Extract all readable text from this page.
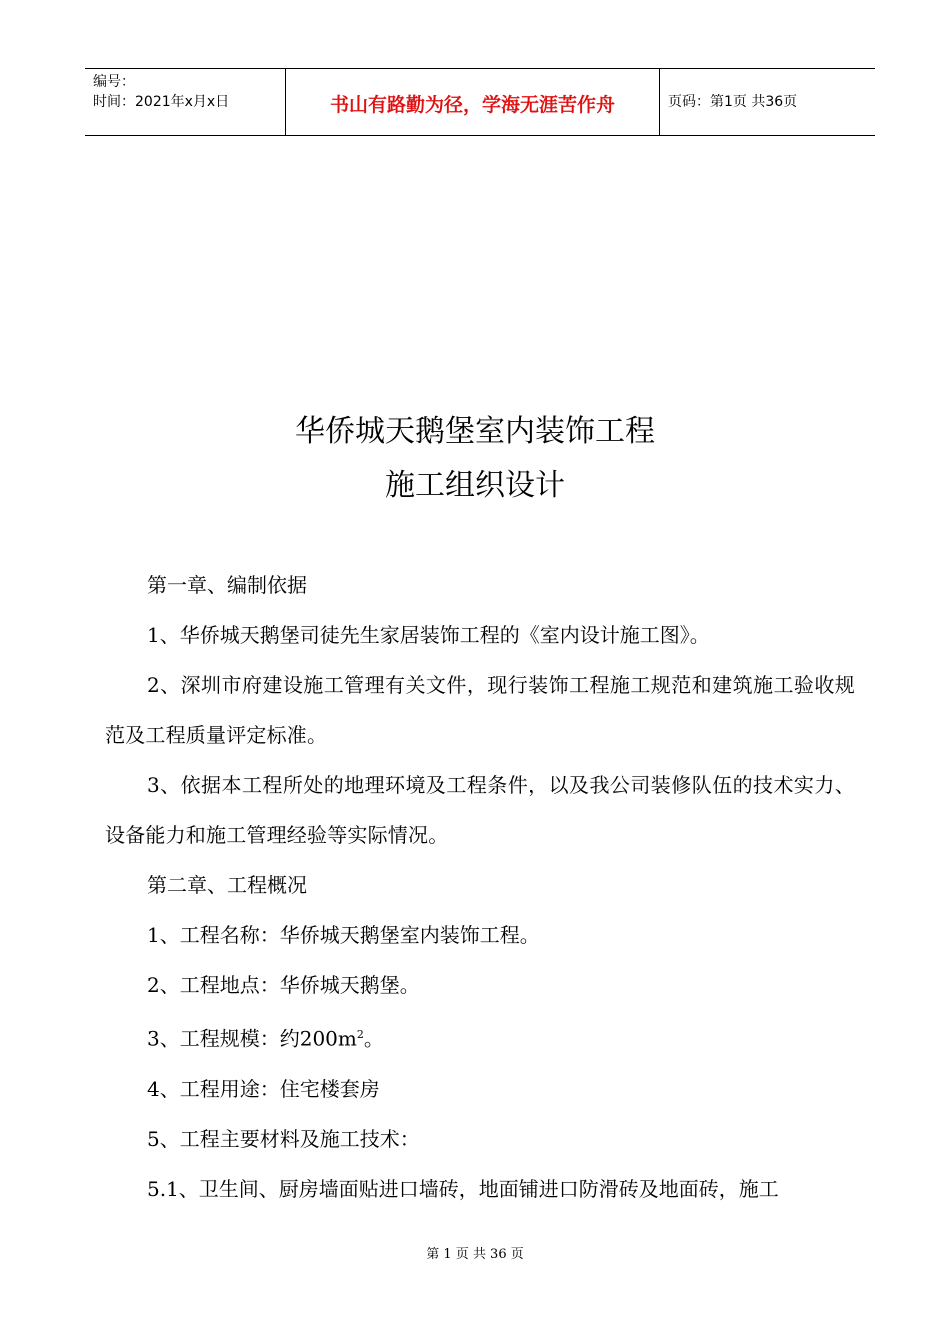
编号：
时间：2021年x月x日	书山有路勤为径，学海无涯苦作舟	页码：第1页 共36页
华侨城天鹅堡室内装饰工程
施工组织设计

第一章、编制依据

1、华侨城天鹅堡司徒先生家居装饰工程的《室内设计施工图》。

2、深圳市府建设施工管理有关文件，现行装饰工程施工规范和建筑施工验收规范及工程质量评定标准。

3、依据本工程所处的地理环境及工程条件，以及我公司装修队伍的技术实力、设备能力和施工管理经验等实际情况。

第二章、工程概况

1、工程名称：华侨城天鹅堡室内装饰工程。

2、工程地点：华侨城天鹅堡。

3、工程规模：约$200m^2$。

4、工程用途：住宅楼套房

5、工程主要材料及施工技术：

5.1、卫生间、厨房墙面贴进口墙砖，地面铺进口防滑砖及地面砖，施工

第 1 页 共 36 页
